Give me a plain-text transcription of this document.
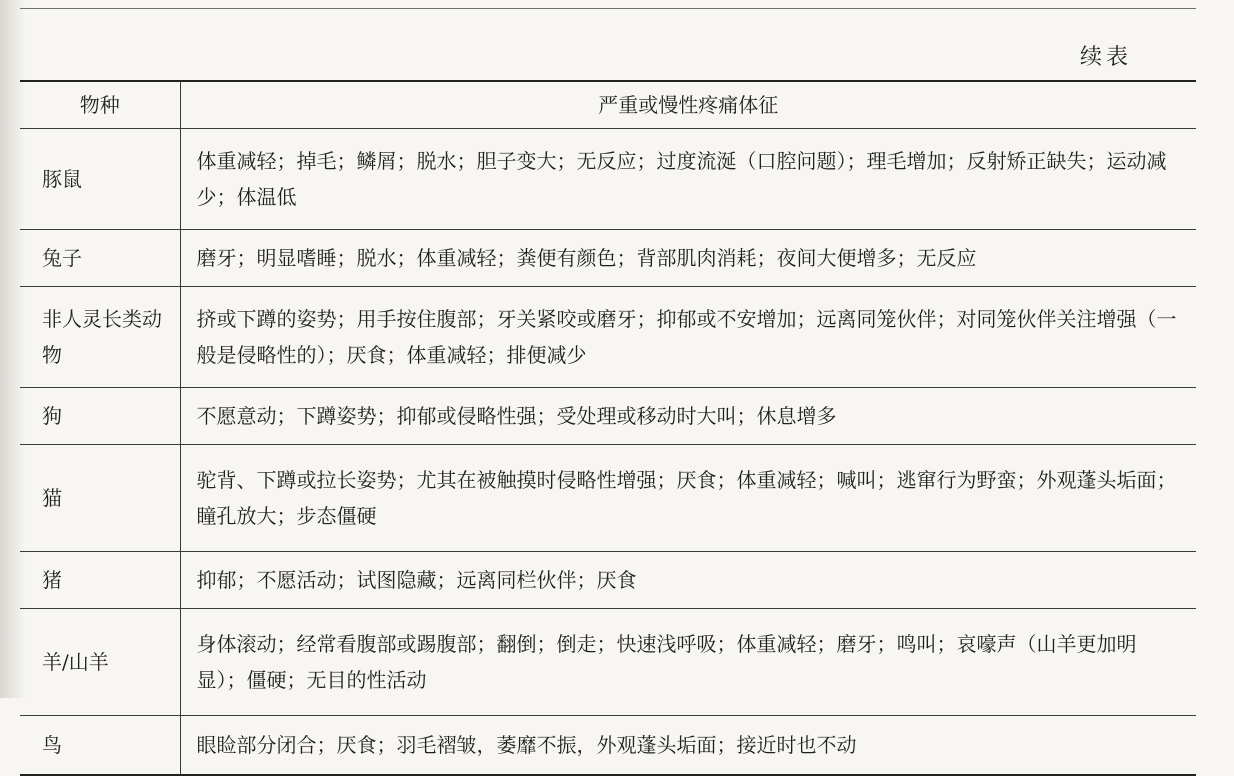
续表
物种	严重或慢性疼痛体征
豚鼠	体重减轻；掉毛；鳞屑；脱水；胆子变大；无反应；过度流涎（口腔问题）；理毛增加；反射矫正缺失；运动减少；体温低
兔子	磨牙；明显嗜睡；脱水；体重减轻；粪便有颜色；背部肌肉消耗；夜间大便增多；无反应
非人灵长类动物	挤或下蹲的姿势；用手按住腹部；牙关紧咬或磨牙；抑郁或不安增加；远离同笼伙伴；对同笼伙伴关注增强（一般是侵略性的）；厌食；体重减轻；排便减少
狗	不愿意动；下蹲姿势；抑郁或侵略性强；受处理或移动时大叫；休息增多
猫	驼背、下蹲或拉长姿势；尤其在被触摸时侵略性增强；厌食；体重减轻；喊叫；逃窜行为野蛮；外观蓬头垢面；瞳孔放大；步态僵硬
猪	抑郁；不愿活动；试图隐藏；远离同栏伙伴；厌食
羊/山羊	身体滚动；经常看腹部或踢腹部；翻倒；倒走；快速浅呼吸；体重减轻；磨牙；鸣叫；哀嚎声（山羊更加明显）；僵硬；无目的性活动
鸟	眼睑部分闭合；厌食；羽毛褶皱，萎靡不振，外观蓬头垢面；接近时也不动
